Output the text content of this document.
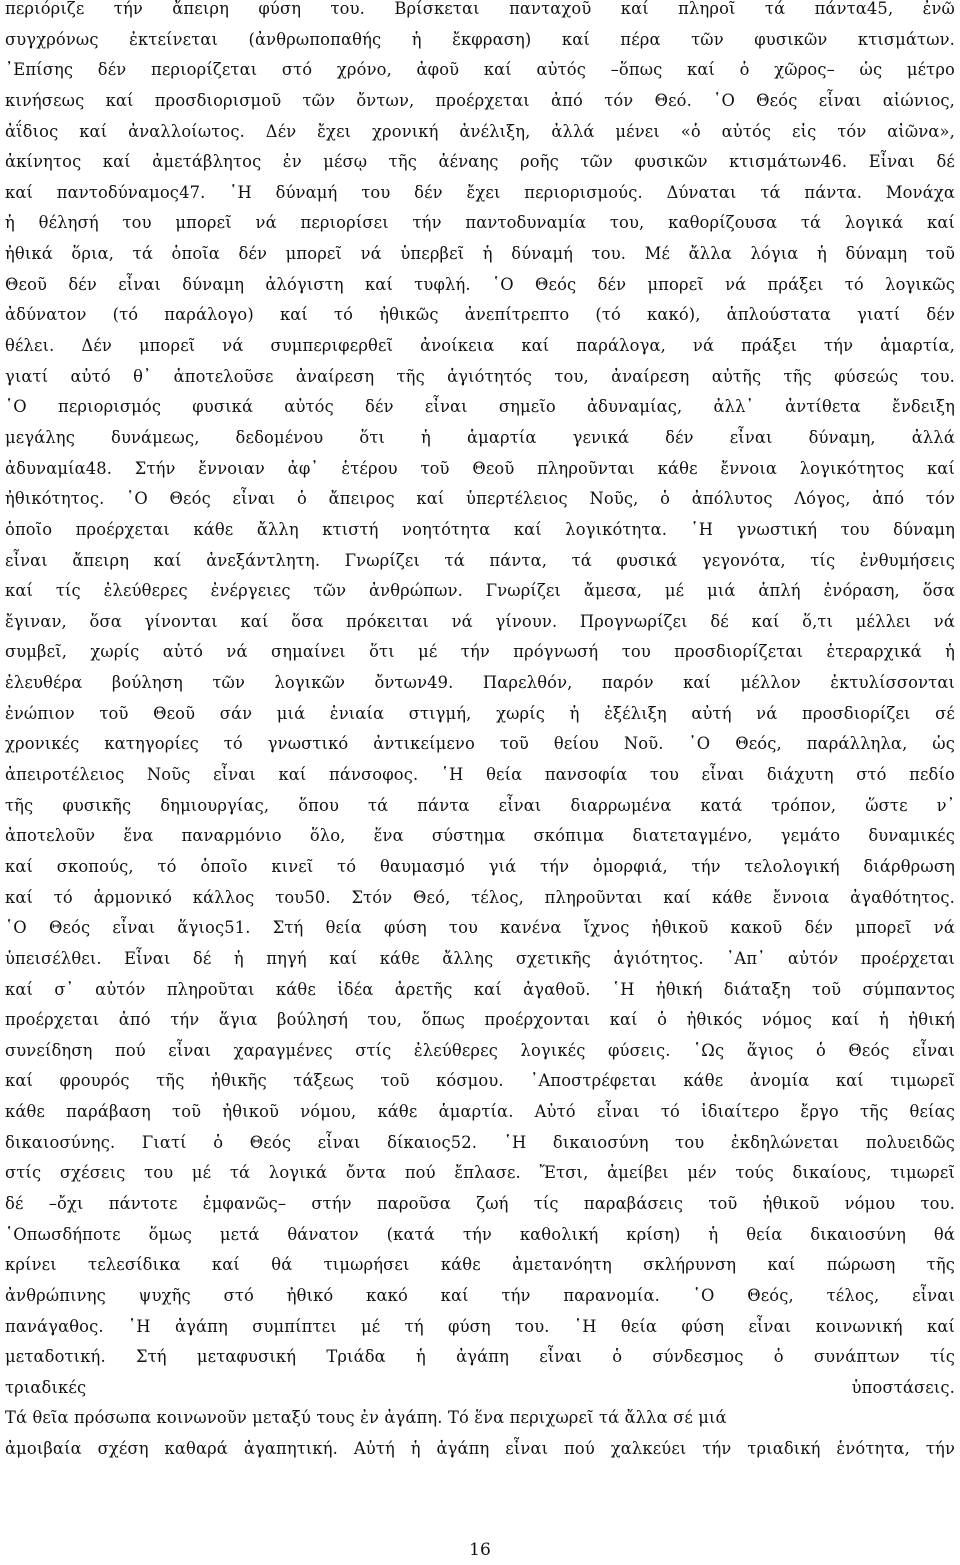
περιόριζε τήν ἄπειρη φύση του. Βρίσκεται πανταχοῦ καί πληροῖ τά πάντα45, ἐνῶ
συγχρόνως ἐκτείνεται (ἀνθρωποπαθής ἡ ἔκφραση) καί πέρα τῶν φυσικῶν κτισμάτων.
᾿Επίσης δέν περιορίζεται στό χρόνο, ἀφοῦ καί αὐτός –ὅπως καί ὁ χῶρος– ὡς μέτρο
κινήσεως καί προσδιορισμοῦ τῶν ὄντων, προέρχεται ἀπό τόν Θεό. ῾Ο Θεός εἶναι αἰώνιος,
ἀΐδιος καί ἀναλλοίωτος. Δέν ἔχει χρονική ἀνέλιξη, ἀλλά μένει «ὁ αὐτός εἰς τόν αἰῶνα»,
ἀκίνητος καί ἀμετάβλητος ἐν μέσῳ τῆς ἀέναης ροῆς τῶν φυσικῶν κτισμάτων46. Εἶναι δέ
καί παντοδύναμος47. ῾Η δύναμή του δέν ἔχει περιορισμούς. Δύναται τά πάντα. Μονάχα
ἡ θέλησή του μπορεῖ νά περιορίσει τήν παντοδυναμία του, καθορίζουσα τά λογικά καί
ἠθικά ὅρια, τά ὁποῖα δέν μπορεῖ νά ὑπερβεῖ ἡ δύναμή του. Μέ ἄλλα λόγια ἡ δύναμη τοῦ
Θεοῦ δέν εἶναι δύναμη ἀλόγιστη καί τυφλή. ῾Ο Θεός δέν μπορεῖ νά πράξει τό λογικῶς
ἀδύνατον (τό παράλογο) καί τό ἠθικῶς ἀνεπίτρεπτο (τό κακό), ἁπλούστατα γιατί δέν
θέλει. Δέν μπορεῖ νά συμπεριφερθεῖ ἀνοίκεια καί παράλογα, νά πράξει τήν ἁμαρτία,
γιατί αὐτό θ᾿ ἀποτελοῦσε ἀναίρεση τῆς ἁγιότητός του, ἀναίρεση αὐτῆς τῆς φύσεώς του.
῾Ο περιορισμός φυσικά αὐτός δέν εἶναι σημεῖο ἀδυναμίας, ἀλλ᾿ ἀντίθετα ἔνδειξη
μεγάλης δυνάμεως, δεδομένου ὅτι ἡ ἁμαρτία γενικά δέν εἶναι δύναμη, ἀλλά
ἀδυναμία48. Στήν ἔννοιαν ἀφ᾿ ἑτέρου τοῦ Θεοῦ πληροῦνται κάθε ἔννοια λογικότητος καί
ἠθικότητος. ῾Ο Θεός εἶναι ὁ ἄπειρος καί ὑπερτέλειος Νοῦς, ὁ ἀπόλυτος Λόγος, ἀπό τόν
ὁποῖο προέρχεται κάθε ἄλλη κτιστή νοητότητα καί λογικότητα. ῾Η γνωστική του δύναμη
εἶναι ἄπειρη καί ἀνεξάντλητη. Γνωρίζει τά πάντα, τά φυσικά γεγονότα, τίς ἐνθυμήσεις
καί τίς ἐλεύθερες ἐνέργειες τῶν ἀνθρώπων. Γνωρίζει ἄμεσα, μέ μιά ἁπλή ἐνόραση, ὅσα
ἔγιναν, ὅσα γίνονται καί ὅσα πρόκειται νά γίνουν. Προγνωρίζει δέ καί ὅ,τι μέλλει νά
συμβεῖ, χωρίς αὐτό νά σημαίνει ὅτι μέ τήν πρόγνωσή του προσδιορίζεται ἑτεραρχικά ἡ
ἐλευθέρα βούληση τῶν λογικῶν ὄντων49. Παρελθόν, παρόν καί μέλλον ἐκτυλίσσονται
ἐνώπιον τοῦ Θεοῦ σάν μιά ἑνιαία στιγμή, χωρίς ἡ ἐξέλιξη αὐτή νά προσδιορίζει σέ
χρονικές κατηγορίες τό γνωστικό ἀντικείμενο τοῦ θείου Νοῦ. ῾Ο Θεός, παράλληλα, ὡς
ἀπειροτέλειος Νοῦς εἶναι καί πάνσοφος. ῾Η θεία πανσοφία του εἶναι διάχυτη στό πεδίο
τῆς φυσικῆς δημιουργίας, ὅπου τά πάντα εἶναι διαρρωμένα κατά τρόπον, ὥστε ν᾿
ἀποτελοῦν ἕνα παναρμόνιο ὅλο, ἕνα σύστημα σκόπιμα διατεταγμένο, γεμάτο δυναμικές
καί σκοπούς, τό ὁποῖο κινεῖ τό θαυμασμό γιά τήν ὀμορφιά, τήν τελολογική διάρθρωση
καί τό ἁρμονικό κάλλος του50. Στόν Θεό, τέλος, πληροῦνται καί κάθε ἔννοια ἀγαθότητος.
῾Ο Θεός εἶναι ἅγιος51. Στή θεία φύση του κανένα ἴχνος ἠθικοῦ κακοῦ δέν μπορεῖ νά
ὑπεισέλθει. Εἶναι δέ ἡ πηγή καί κάθε ἄλλης σχετικῆς ἁγιότητος. ᾿Απ᾿ αὐτόν προέρχεται
καί σ᾿ αὐτόν πληροῦται κάθε ἰδέα ἀρετῆς καί ἀγαθοῦ. ῾Η ἠθική διάταξη τοῦ σύμπαντος
προέρχεται ἀπό τήν ἅγια βούλησή του, ὅπως προέρχονται καί ὁ ἠθικός νόμος καί ἡ ἠθική
συνείδηση πού εἶναι χαραγμένες στίς ἐλεύθερες λογικές φύσεις. ῾Ως ἅγιος ὁ Θεός εἶναι
καί φρουρός τῆς ἠθικῆς τάξεως τοῦ κόσμου. ᾿Αποστρέφεται κάθε ἀνομία καί τιμωρεῖ
κάθε παράβαση τοῦ ἠθικοῦ νόμου, κάθε ἁμαρτία. Αὐτό εἶναι τό ἰδιαίτερο ἔργο τῆς θείας
δικαιοσύνης. Γιατί ὁ Θεός εἶναι δίκαιος52. ῾Η δικαιοσύνη του ἐκδηλώνεται πολυειδῶς
στίς σχέσεις του μέ τά λογικά ὄντα πού ἔπλασε. Ἔτσι, ἀμείβει μέν τούς δικαίους, τιμωρεῖ
δέ –ὄχι πάντοτε ἐμφανῶς– στήν παροῦσα ζωή τίς παραβάσεις τοῦ ἠθικοῦ νόμου του.
῾Οπωσδήποτε ὅμως μετά θάνατον (κατά τήν καθολική κρίση) ἡ θεία δικαιοσύνη θά
κρίνει τελεσίδικα καί θά τιμωρήσει κάθε ἀμετανόητη σκλήρυνση καί πώρωση τῆς
ἀνθρώπινης ψυχῆς στό ἠθικό κακό καί τήν παρανομία. ῾Ο Θεός, τέλος, εἶναι
πανάγαθος. ῾Η ἀγάπη συμπίπτει μέ τή φύση του. ῾Η θεία φύση εἶναι κοινωνική καί
μεταδοτική. Στή μεταφυσική Τριάδα ἡ ἀγάπη εἶναι ὁ σύνδεσμος ὁ συνάπτων τίς
τριαδικές ὑποστάσεις.
Τά θεῖα πρόσωπα κοινωνοῦν μεταξύ τους ἐν ἀγάπη. Τό ἕνα περιχωρεῖ τά ἄλλα σέ μιά
ἀμοιβαία σχέση καθαρά ἀγαπητική. Αὐτή ἡ ἀγάπη εἶναι πού χαλκεύει τήν τριαδική ἑνότητα, τήν
16
